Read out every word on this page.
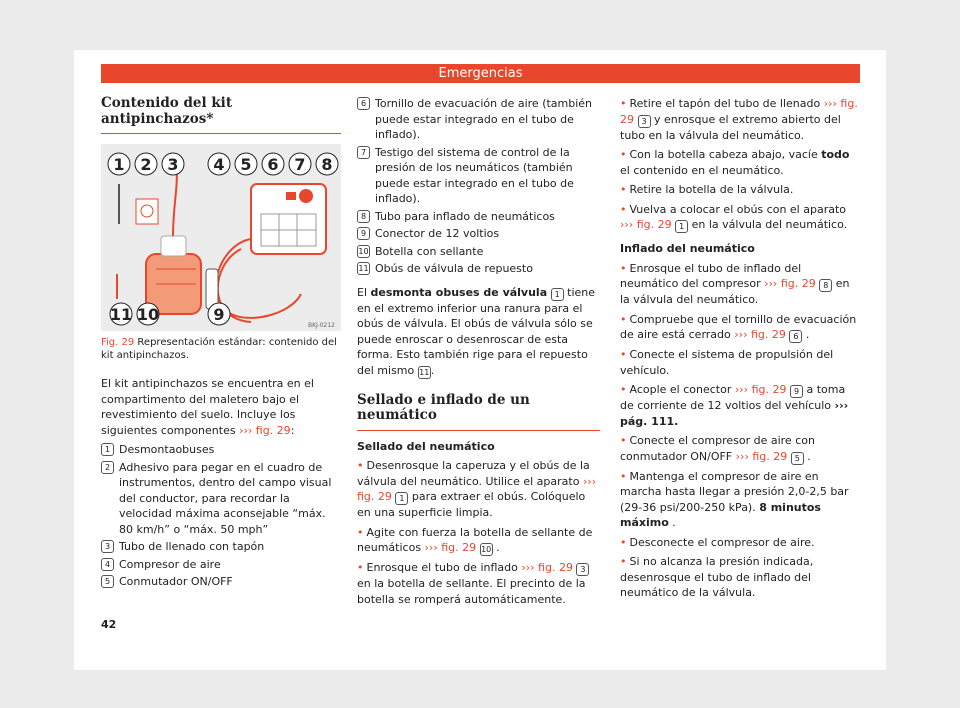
Emergencias
Contenido del kit antipinchazos*
1 2 3 4 5 6 7 8
9
10
11
BKJ-0212
Fig. 29 Representación estándar: contenido del kit antipinchazos.

El kit antipinchazos se encuentra en el compartimento del maletero bajo el revestimiento del suelo. Incluye los siguientes componentes ››› fig. 29:

1 Desmontaobuses
2 Adhesivo para pegar en el cuadro de instrumentos, dentro del campo visual del conductor, para recordar la velocidad máxima aconsejable “máx. 80 km/h” o “máx. 50 mph”
3 Tubo de llenado con tapón
4 Compresor de aire
5 Conmutador ON/OFF
6 Tornillo de evacuación de aire (también puede estar integrado en el tubo de inflado).
7 Testigo del sistema de control de la presión de los neumáticos (también puede estar integrado en el tubo de inflado).
8 Tubo para inflado de neumáticos
9 Conector de 12 voltios
10 Botella con sellante
11 Obús de válvula de repuesto

El desmonta obuses de válvula 1 tiene en el extremo inferior una ranura para el obús de válvula. El obús de válvula sólo se puede enroscar o desenroscar de esta forma. Esto también rige para el repuesto del mismo 11.

Sellado e inflado de un neumático
Sellado del neumático

• Desenrosque la caperuza y el obús de la válvula del neumático. Utilice el aparato ››› fig. 29 1 para extraer el obús. Colóquelo en una superficie limpia.

• Agite con fuerza la botella de sellante de neumáticos ››› fig. 29 10 .

• Enrosque el tubo de inflado ››› fig. 29 3 en la botella de sellante. El precinto de la botella se romperá automáticamente.

• Retire el tapón del tubo de llenado ››› fig. 29 3 y enrosque el extremo abierto del tubo en la válvula del neumático.

• Con la botella cabeza abajo, vacíe todo el contenido en el neumático.

• Retire la botella de la válvula.

• Vuelva a colocar el obús con el aparato ››› fig. 29 1 en la válvula del neumático.

Inflado del neumático

• Enrosque el tubo de inflado del neumático del compresor ››› fig. 29 8 en la válvula del neumático.

• Compruebe que el tornillo de evacuación de aire está cerrado ››› fig. 29 6 .

• Conecte el sistema de propulsión del vehículo.

• Acople el conector ››› fig. 29 9 a toma de corriente de 12 voltios del vehículo ››› pág. 111.

• Conecte el compresor de aire con conmutador ON/OFF ››› fig. 29 5 .

• Mantenga el compresor de aire en marcha hasta llegar a presión 2,0-2,5 bar (29-36 psi/200-250 kPa). 8 minutos máximo .

• Desconecte el compresor de aire.

• Si no alcanza la presión indicada, desenrosque el tubo de inflado del neumático de la válvula.

42
